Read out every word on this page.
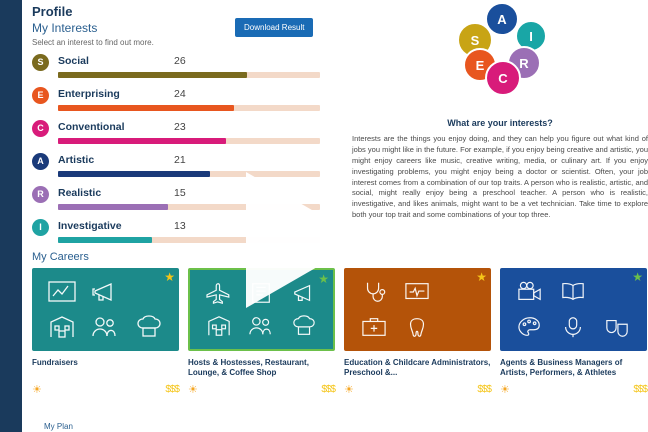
Profile
My Interests
Select an interest to find out more.
Download Result
S	Social	26
E	Enterprising	24
C	Conventional	23
A	Artistic	21
R	Realistic	15
I	Investigative	13
A
I
S
R
E
C
What are your interests?

Interests are the things you enjoy doing, and they can help you figure out what kind of jobs you might like in the future. For example, if you enjoy being creative and artistic, you might enjoy careers like music, creative writing, media, or culinary art. If you enjoy investigating problems, you might enjoy being a doctor or scientist. Often, your job interest comes from a combination of our top traits. A person who is realistic, artistic, and social, might really enjoy being a preschool teacher. A person who is realistic, investigative, and likes animals, might want to be a vet technician. Take time to explore both your top trait and some combinations of your top three.

My Careers
★
Fundraisers
☀	$$$
★
Hosts & Hostesses, Restaurant, Lounge, & Coffee Shop
☀	$$$
★
Education & Childcare Administrators, Preschool &...
☀	$$$
★
Agents & Business Managers of Artists, Performers, & Athletes
☀	$$$
My Plan
